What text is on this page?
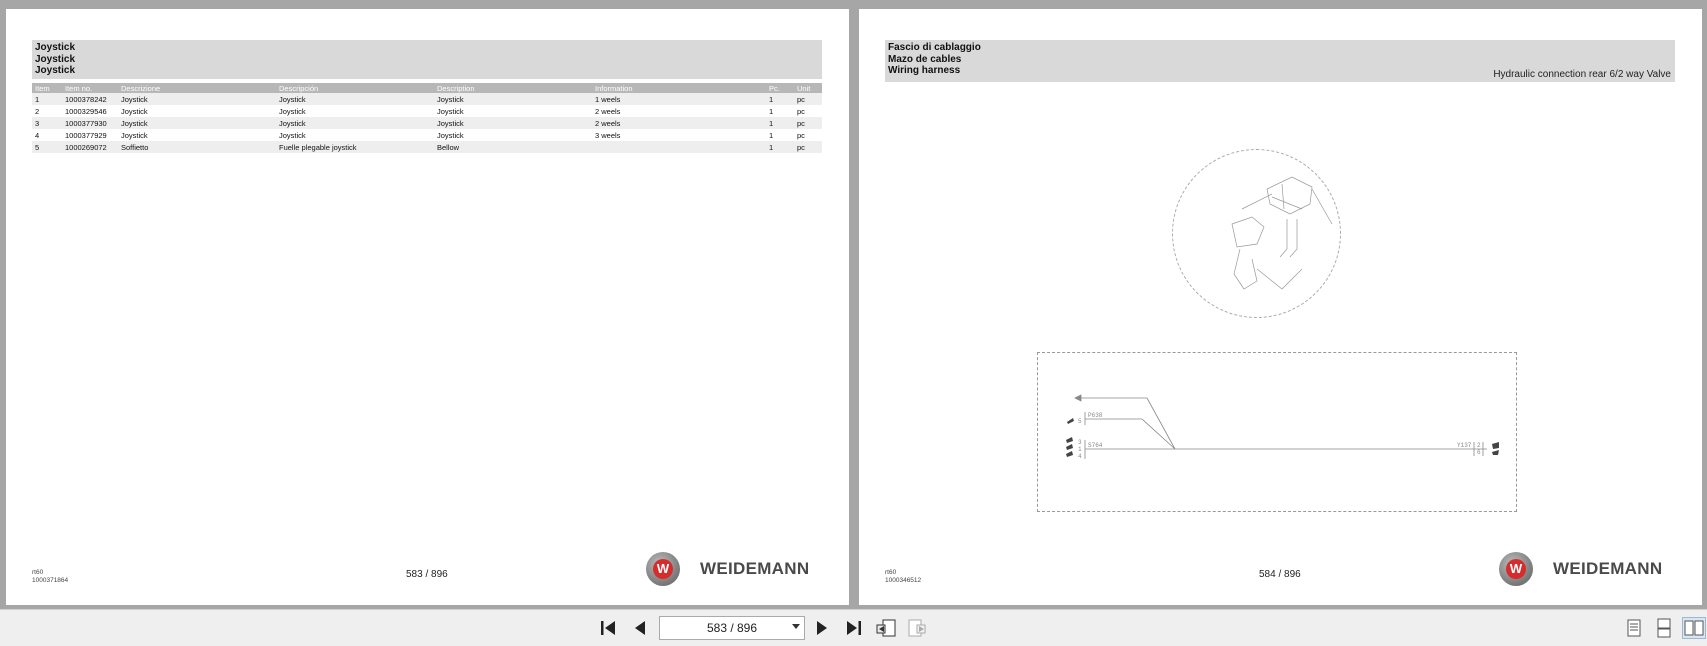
Joystick
Joystick
Joystick
Item	Item no.	Descrizione	Descripción	Description	Information	Pc.	Unit
1	1000378242	Joystick	Joystick	Joystick	1 weels	1	pc
2	1000329546	Joystick	Joystick	Joystick	2 weels	1	pc
3	1000377930	Joystick	Joystick	Joystick	2 weels	1	pc
4	1000377929	Joystick	Joystick	Joystick	3 weels	1	pc
5	1000269072	Soffietto	Fuelle plegable joystick	Bellow		1	pc
rt60
1000371864	583 / 896	W WEIDEMANN
Fascio di cablaggio
Mazo de cables
Wiring harness	Hydraulic connection rear 6/2 way Valve
P638
S764	Y137
5
3
1
4
2
6
rt60
1000346512	584 / 896	W WEIDEMANN
583 / 896
